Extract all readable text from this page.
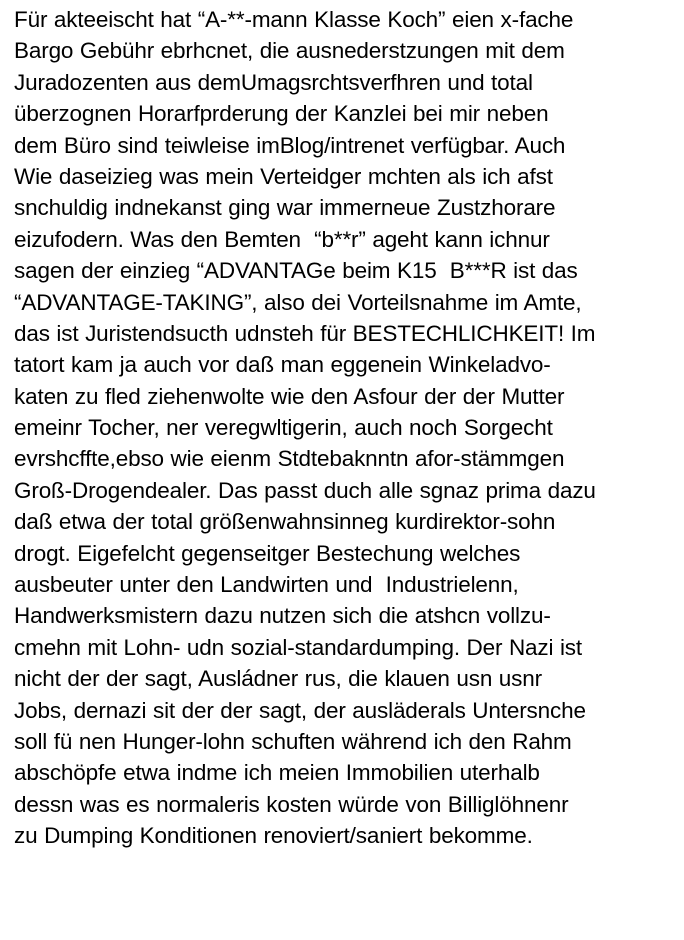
Für akteeischt hat “A-**-mann Klasse Koch” eien x-fache
Bargo Gebühr ebrhcnet, die ausnederstzungen mit dem
Juradozenten aus demUmagsrchtsverfhren und total
überzognen Horarfprderung der Kanzlei bei mir neben
dem Büro sind teiwleise imBlog/intrenet verfügbar. Auch
Wie daseizieg was mein Verteidger mchten als ich afst
snchuldig indnekanst ging war immerneue Zustzhorare
eizufodern. Was den Bemten  “b**r” ageht kann ichnur
sagen der einzieg “ADVANTAGe beim K15  B***R ist das
“ADVANTAGE-TAKING”, also dei Vorteilsnahme im Amte,
das ist Juristendsucth udnsteh für BESTECHLICHKEIT! Im
tatort kam ja auch vor daß man eggenein Winkeladvo-
katen zu fled ziehenwolte wie den Asfour der der Mutter
emeinr Tocher, ner veregwltigerin, auch noch Sorgecht
evrshcffte,ebso wie eienm Stdtebaknntn afor-stämmgen
Groß-Drogendealer. Das passt duch alle sgnaz prima dazu
daß etwa der total größenwahnsinneg kurdirektor-sohn
drogt. Eigefelcht gegenseitger Bestechung welches
ausbeuter unter den Landwirten und  Industrielenn,
Handwerksmistern dazu nutzen sich die atshcn vollzu-
cmehn mit Lohn- udn sozial-standardumping. Der Nazi ist
nicht der der sagt, Ausládner rus, die klauen usn usnr
Jobs, dernazi sit der der sagt, der ausläderals Untersnche
soll fü nen Hunger-lohn schuften während ich den Rahm
abschöpfe etwa indme ich meien Immobilien uterhalb
dessn was es normaleris kosten würde von Billiglöhnenr
zu Dumping Konditionen renoviert/saniert bekomme.
